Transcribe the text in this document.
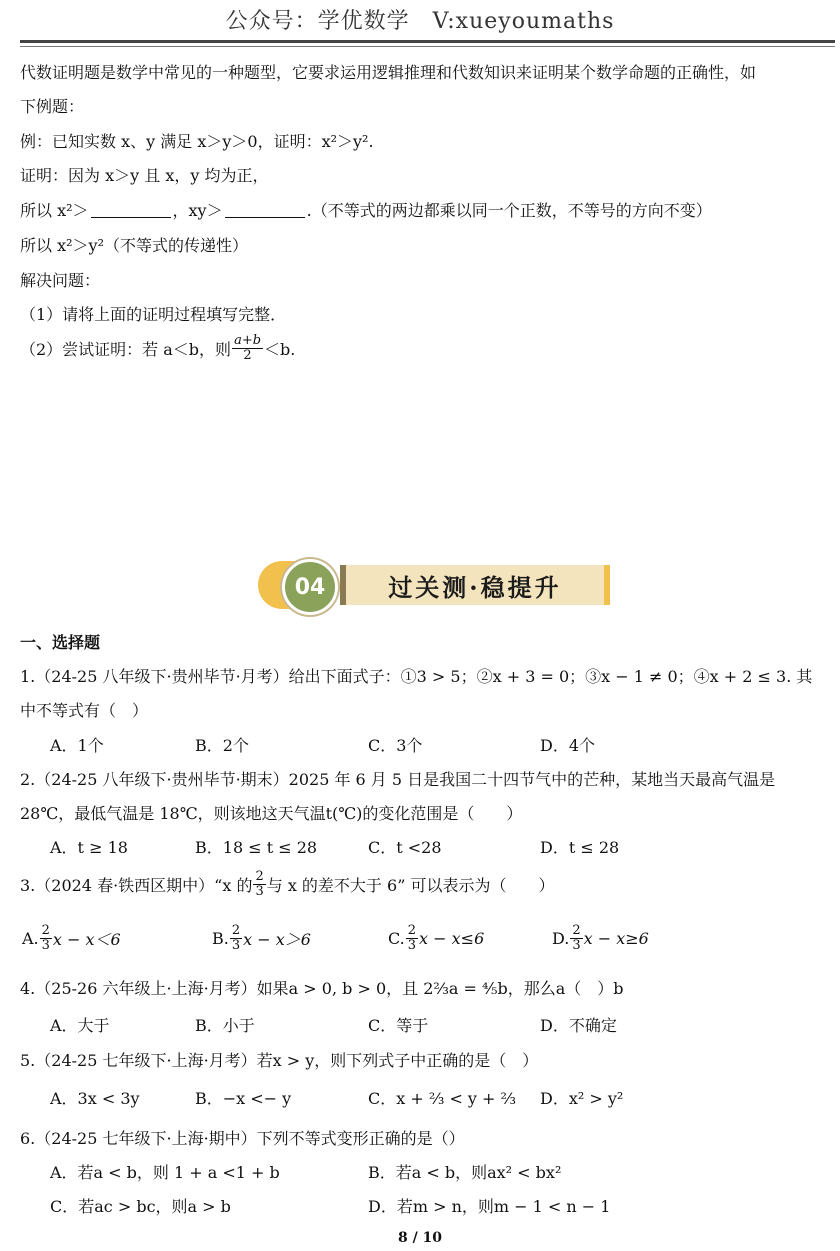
公众号：学优数学　V:xueyoumaths
代数证明题是数学中常见的一种题型，它要求运用逻辑推理和代数知识来证明某个数学命题的正确性，如
下例题：
例：已知实数 x、y 满足 x＞y＞0，证明：x²＞y².
证明：因为 x＞y 且 x，y 均为正，
所以 x²＞	，xy＞	.（不等式的两边都乘以同一个正数，不等号的方向不变）
所以 x²＞y²（不等式的传递性）
解决问题：
（1）请将上面的证明过程填写完整．
（2）尝试证明：若 a＜b，则 $\frac{a+b}{2} <b$.
04	过关测·稳提升
一、选择题
1.（24-25 八年级下·贵州毕节·月考）给出下面式子：①3 > 5；②x + 3 = 0；③x − 1 ≠ 0；④x + 2 ≤ 3. 其
中不等式有（　）
A．1个	B．2个	C．3个	D．4个
2.（24-25 八年级下·贵州毕节·期末）2025 年 6 月 5 日是我国二十四节气中的芒种，某地当天最高气温是
28℃，最低气温是 18℃，则该地这天气温t(℃)的变化范围是（　　）
A．t ≥ 18	B．18 ≤ t ≤ 28	C．t <28	D．t ≤ 28
3.（2024 春·铁西区期中）“x 的 $\frac{2}{3}$ 与 x 的差不大于 6” 可以表示为（　　）
A. $\frac{2}{3}$ x − x＜6	B. $\frac{2}{3}$ x − x＞6	C. $\frac{2}{3}$ x − x≤6	D. $\frac{2}{3}$ x − x≥6
4.（25-26 六年级上·上海·月考）如果a > 0, b > 0，且 2⅔a = ⅘b，那么a（　）b
A．大于	B．小于	C．等于	D．不确定
5.（24-25 七年级下·上海·月考）若x > y，则下列式子中正确的是（　）
A．3x < 3y	B．−x <− y	C．x + ⅔ < y + ⅔ D．x² > y²
6.（24-25 七年级下·上海·期中）下列不等式变形正确的是（）
A．若a < b，则 1 + a <1 + b	B．若a < b，则ax² < bx²
C．若ac > bc，则a > b	D．若m > n，则m − 1 < n − 1
8 / 10
